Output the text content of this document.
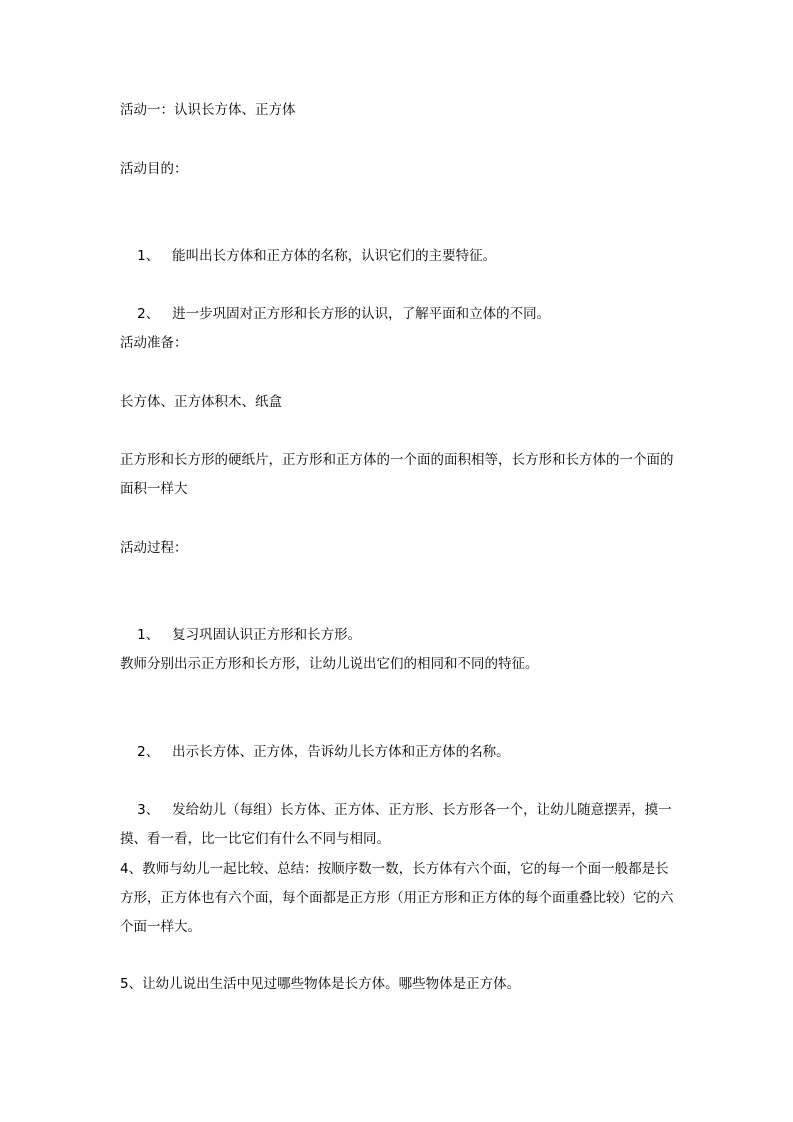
活动一：认识长方体、正方体
活动目的：

1、 能叫出长方体和正方体的名称，认识它们的主要特征。

2、 进一步巩固对正方形和长方形的认识，了解平面和立体的不同。

活动准备：
长方体、正方体积木、纸盒
正方形和长方形的硬纸片，正方形和正方体的一个面的面积相等，长方形和长方体的一个面的面积一样大
活动过程：

1、 复习巩固认识正方形和长方形。

教师分别出示正方形和长方形，让幼儿说出它们的相同和不同的特征。

2、 出示长方体、正方体，告诉幼儿长方体和正方体的名称。

3、 发给幼儿（每组）长方体、正方体、正方形、长方形各一个，让幼儿随意摆弄，摸一摸、看一看，比一比它们有什么不同与相同。

4、教师与幼儿一起比较、总结：按顺序数一数，长方体有六个面，它的每一个面一般都是长方形，正方体也有六个面，每个面都是正方形（用正方形和正方体的每个面重叠比较）它的六个面一样大。
5、让幼儿说出生活中见过哪些物体是长方体。哪些物体是正方体。
